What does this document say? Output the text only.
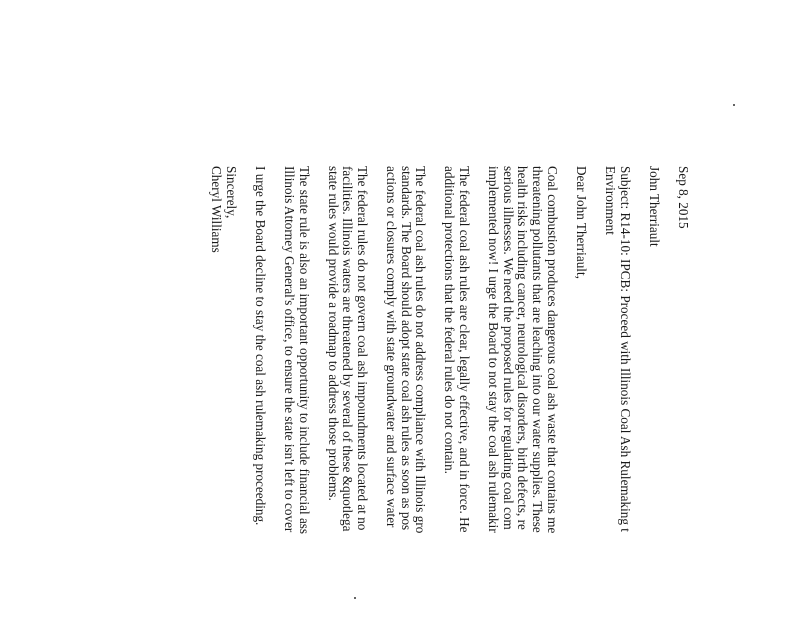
Sep 8, 2015
John Therriault
Subject: R14-10: IPCB: Proceed with Illinois Coal Ash Rulemaking t
Environment
Dear John Therriault,
Coal combustion produces dangerous coal ash waste that contains me
threatening pollutants that are leaching into our water supplies. These
health risks including cancer, neurological disorders, birth defects, re
serious illnesses. We need the proposed rules for regulating coal com
implemented now! I urge the Board to not stay the coal ash rulemakir
The federal coal ash rules are clear, legally effective, and in force. He
additional protections that the federal rules do not contain.
The federal coal ash rules do not address compliance with Illinois gro
standards. The Board should adopt state coal ash rules as soon as pos
actions or closures comply with state groundwater and surface water
The federal rules do not govern coal ash impoundments located at no
facilities. Illinois waters are threatened by several of these &quotlega
state rules would provide a roadmap to address those problems.
The state rule is also an important opportunity to include financial ass
Illinois Attorney General's office, to ensure the state isn't left to cover
I urge the Board decline to stay the coal ash rulemaking proceeding.
Sincerely,
Cheryl Williams
